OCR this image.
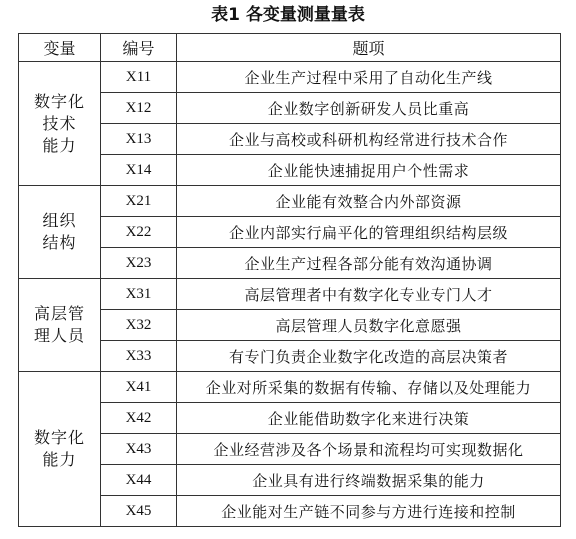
表1 各变量测量量表
变量	编号	题项

数字化
技术
能力	X11	企业生产过程中采用了自动化生产线
	X12	企业数字创新研发人员比重高
	X13	企业与高校或科研机构经常进行技术合作
	X14	企业能快速捕捉用户个性需求

组织
结构	X21	企业能有效整合内外部资源
	X22	企业内部实行扁平化的管理组织结构层级
	X23	企业生产过程各部分能有效沟通协调

高层管
理人员	X31	高层管理者中有数字化专业专门人才
	X32	高层管理人员数字化意愿强
	X33	有专门负责企业数字化改造的高层决策者

数字化
能力	X41	企业对所采集的数据有传输、存储以及处理能力
	X42	企业能借助数字化来进行决策
	X43	企业经营涉及各个场景和流程均可实现数据化
	X44	企业具有进行终端数据采集的能力
	X45	企业能对生产链不同参与方进行连接和控制
